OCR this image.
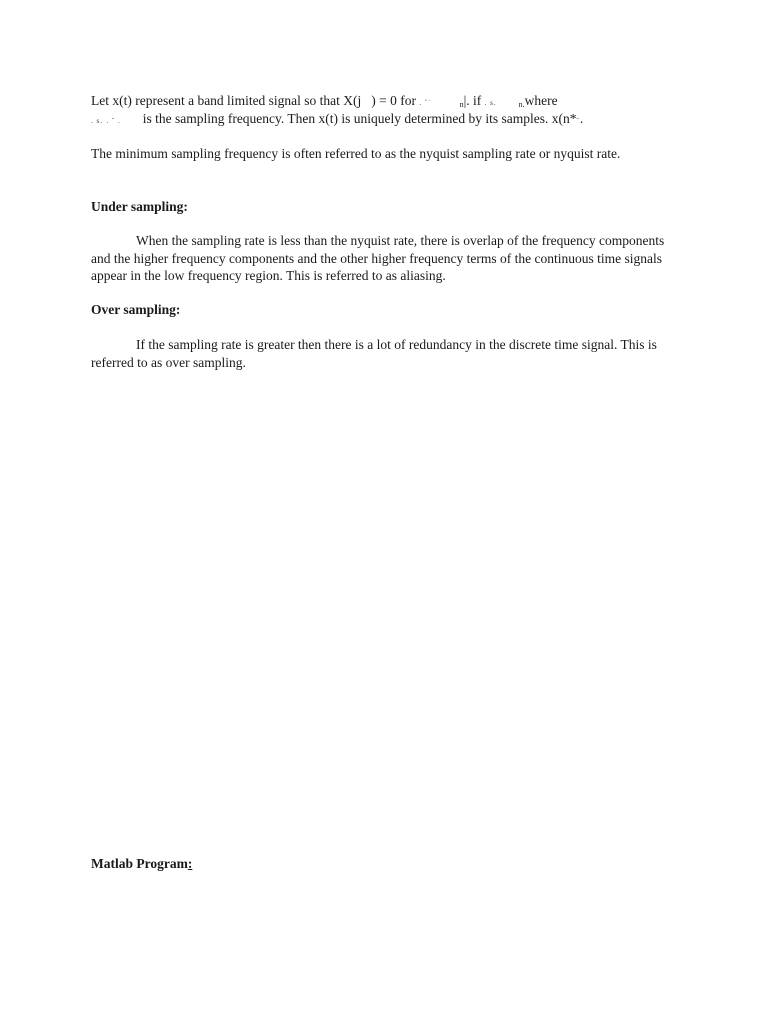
Let x(t) represent a band limited signal so that X(j ) = 0 for . ˚˙	$_n$|. if . s.	$_{n.}$where

. s. . ˝ . is the sampling frequency. Then x(t) is uniquely determined by its samples. x(n*˝.

The minimum sampling frequency is often referred to as the nyquist sampling rate or nyquist rate.

Under sampling:

When the sampling rate is less than the nyquist rate, there is overlap of the frequency components and the higher frequency components and the other higher frequency terms of the continuous time signals appear in the low frequency region. This is referred to as aliasing.

Over sampling:

If the sampling rate is greater then there is a lot of redundancy in the discrete time signal. This is referred to as over sampling.

Matlab Program:
